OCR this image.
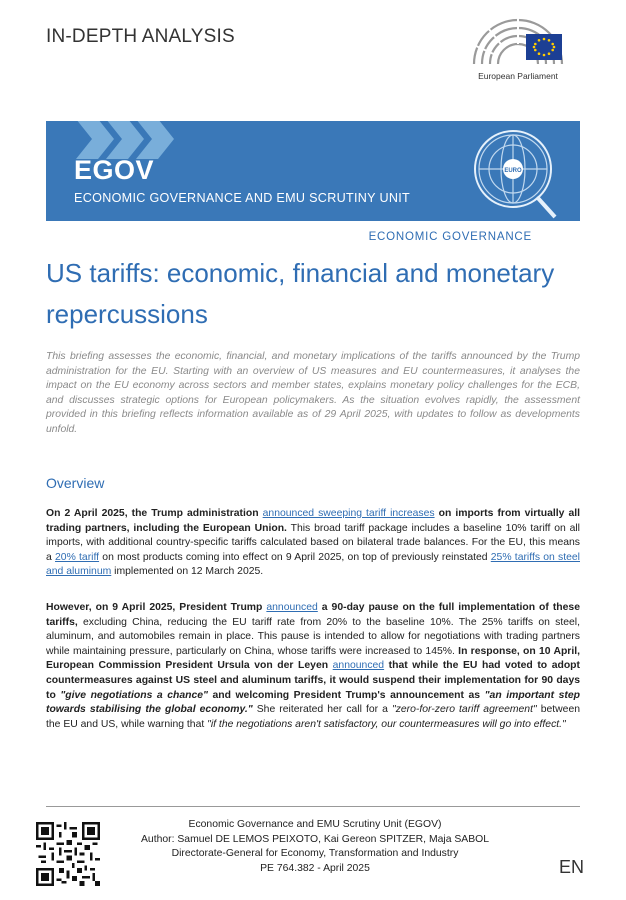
IN-DEPTH ANALYSIS
European Parliament
EGOV
ECONOMIC GOVERNANCE AND EMU SCRUTINY UNIT
EURO
ECONOMIC GOVERNANCE
US tariffs: economic, financial and monetary repercussions
This briefing assesses the economic, financial, and monetary implications of the tariffs announced by the Trump administration for the EU. Starting with an overview of US measures and EU countermeasures, it analyses the impact on the EU economy across sectors and member states, explains monetary policy challenges for the ECB, and discusses strategic options for European policymakers. As the situation evolves rapidly, the assessment provided in this briefing reflects information available as of 29 April 2025, with updates to follow as developments unfold.
Overview
On 2 April 2025, the Trump administration announced sweeping tariff increases on imports from virtually all trading partners, including the European Union. This broad tariff package includes a baseline 10% tariff on all imports, with additional country-specific tariffs calculated based on bilateral trade balances. For the EU, this means a 20% tariff on most products coming into effect on 9 April 2025, on top of previously reinstated 25% tariffs on steel and aluminum implemented on 12 March 2025.
However, on 9 April 2025, President Trump announced a 90-day pause on the full implementation of these tariffs, excluding China, reducing the EU tariff rate from 20% to the baseline 10%. The 25% tariffs on steel, aluminum, and automobiles remain in place. This pause is intended to allow for negotiations with trading partners while maintaining pressure, particularly on China, whose tariffs were increased to 145%. In response, on 10 April, European Commission President Ursula von der Leyen announced that while the EU had voted to adopt countermeasures against US steel and aluminum tariffs, it would suspend their implementation for 90 days to "give negotiations a chance" and welcoming President Trump's announcement as "an important step towards stabilising the global economy." She reiterated her call for a "zero-for-zero tariff agreement" between the EU and US, while warning that "if the negotiations aren't satisfactory, our countermeasures will go into effect."
Economic Governance and EMU Scrutiny Unit (EGOV)
Author: Samuel DE LEMOS PEIXOTO, Kai Gereon SPITZER, Maja SABOL
Directorate-General for Economy, Transformation and Industry
PE 764.382 - April 2025	EN
